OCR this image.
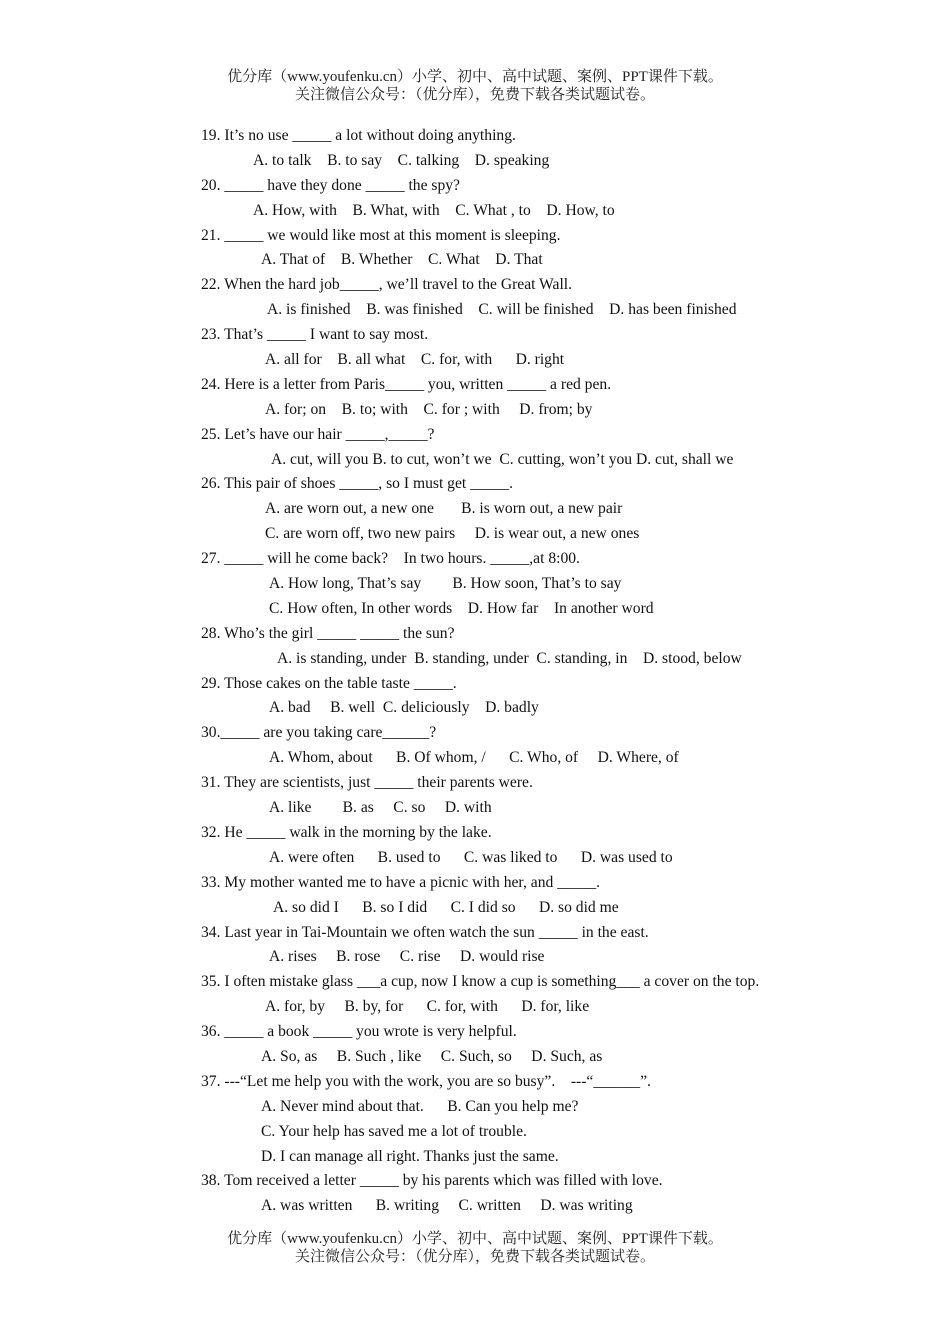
优分库（www.youfenku.cn）小学、初中、高中试题、案例、PPT课件下载。
关注微信公众号：（优分库），免费下载各类试题试卷。
19. It’s no use _____ a lot without doing anything.
A. to talk    B. to say    C. talking    D. speaking
20. _____ have they done _____ the spy?
A. How, with    B. What, with    C. What , to    D. How, to
21. _____ we would like most at this moment is sleeping.
A. That of    B. Whether    C. What    D. That
22. When the hard job_____, we’ll travel to the Great Wall.
A. is finished    B. was finished    C. will be finished    D. has been finished
23. That’s _____ I want to say most.
A. all for    B. all what    C. for, with      D. right
24. Here is a letter from Paris_____ you, written _____ a red pen.
A. for; on    B. to; with    C. for ; with     D. from; by
25. Let’s have our hair _____,_____?
A. cut, will you B. to cut, won’t we  C. cutting, won’t you D. cut, shall we
26. This pair of shoes _____, so I must get _____.
A. are worn out, a new one       B. is worn out, a new pair
C. are worn off, two new pairs     D. is wear out, a new ones
27. _____ will he come back?    In two hours. _____,at 8:00.
A. How long, That’s say        B. How soon, That’s to say
C. How often, In other words    D. How far    In another word
28. Who’s the girl _____ _____ the sun?
A. is standing, under  B. standing, under  C. standing, in    D. stood, below
29. Those cakes on the table taste _____.
A. bad     B. well  C. deliciously    D. badly
30._____ are you taking care______?
A. Whom, about      B. Of whom, /      C. Who, of     D. Where, of
31. They are scientists, just _____ their parents were.
A. like        B. as     C. so     D. with
32. He _____ walk in the morning by the lake.
A. were often      B. used to      C. was liked to      D. was used to
33. My mother wanted me to have a picnic with her, and _____.
A. so did I      B. so I did      C. I did so      D. so did me
34. Last year in Tai-Mountain we often watch the sun _____ in the east.
A. rises     B. rose     C. rise     D. would rise
35. I often mistake glass ___a cup, now I know a cup is something___ a cover on the top.
A. for, by     B. by, for      C. for, with      D. for, like
36. _____ a book _____ you wrote is very helpful.
A. So, as     B. Such , like     C. Such, so     D. Such, as
37. ---“Let me help you with the work, you are so busy”.    ---“______”.
A. Never mind about that.      B. Can you help me?
C. Your help has saved me a lot of trouble.
D. I can manage all right. Thanks just the same.
38. Tom received a letter _____ by his parents which was filled with love.
A. was written      B. writing     C. written     D. was writing
优分库（www.youfenku.cn）小学、初中、高中试题、案例、PPT课件下载。
关注微信公众号：（优分库），免费下载各类试题试卷。
